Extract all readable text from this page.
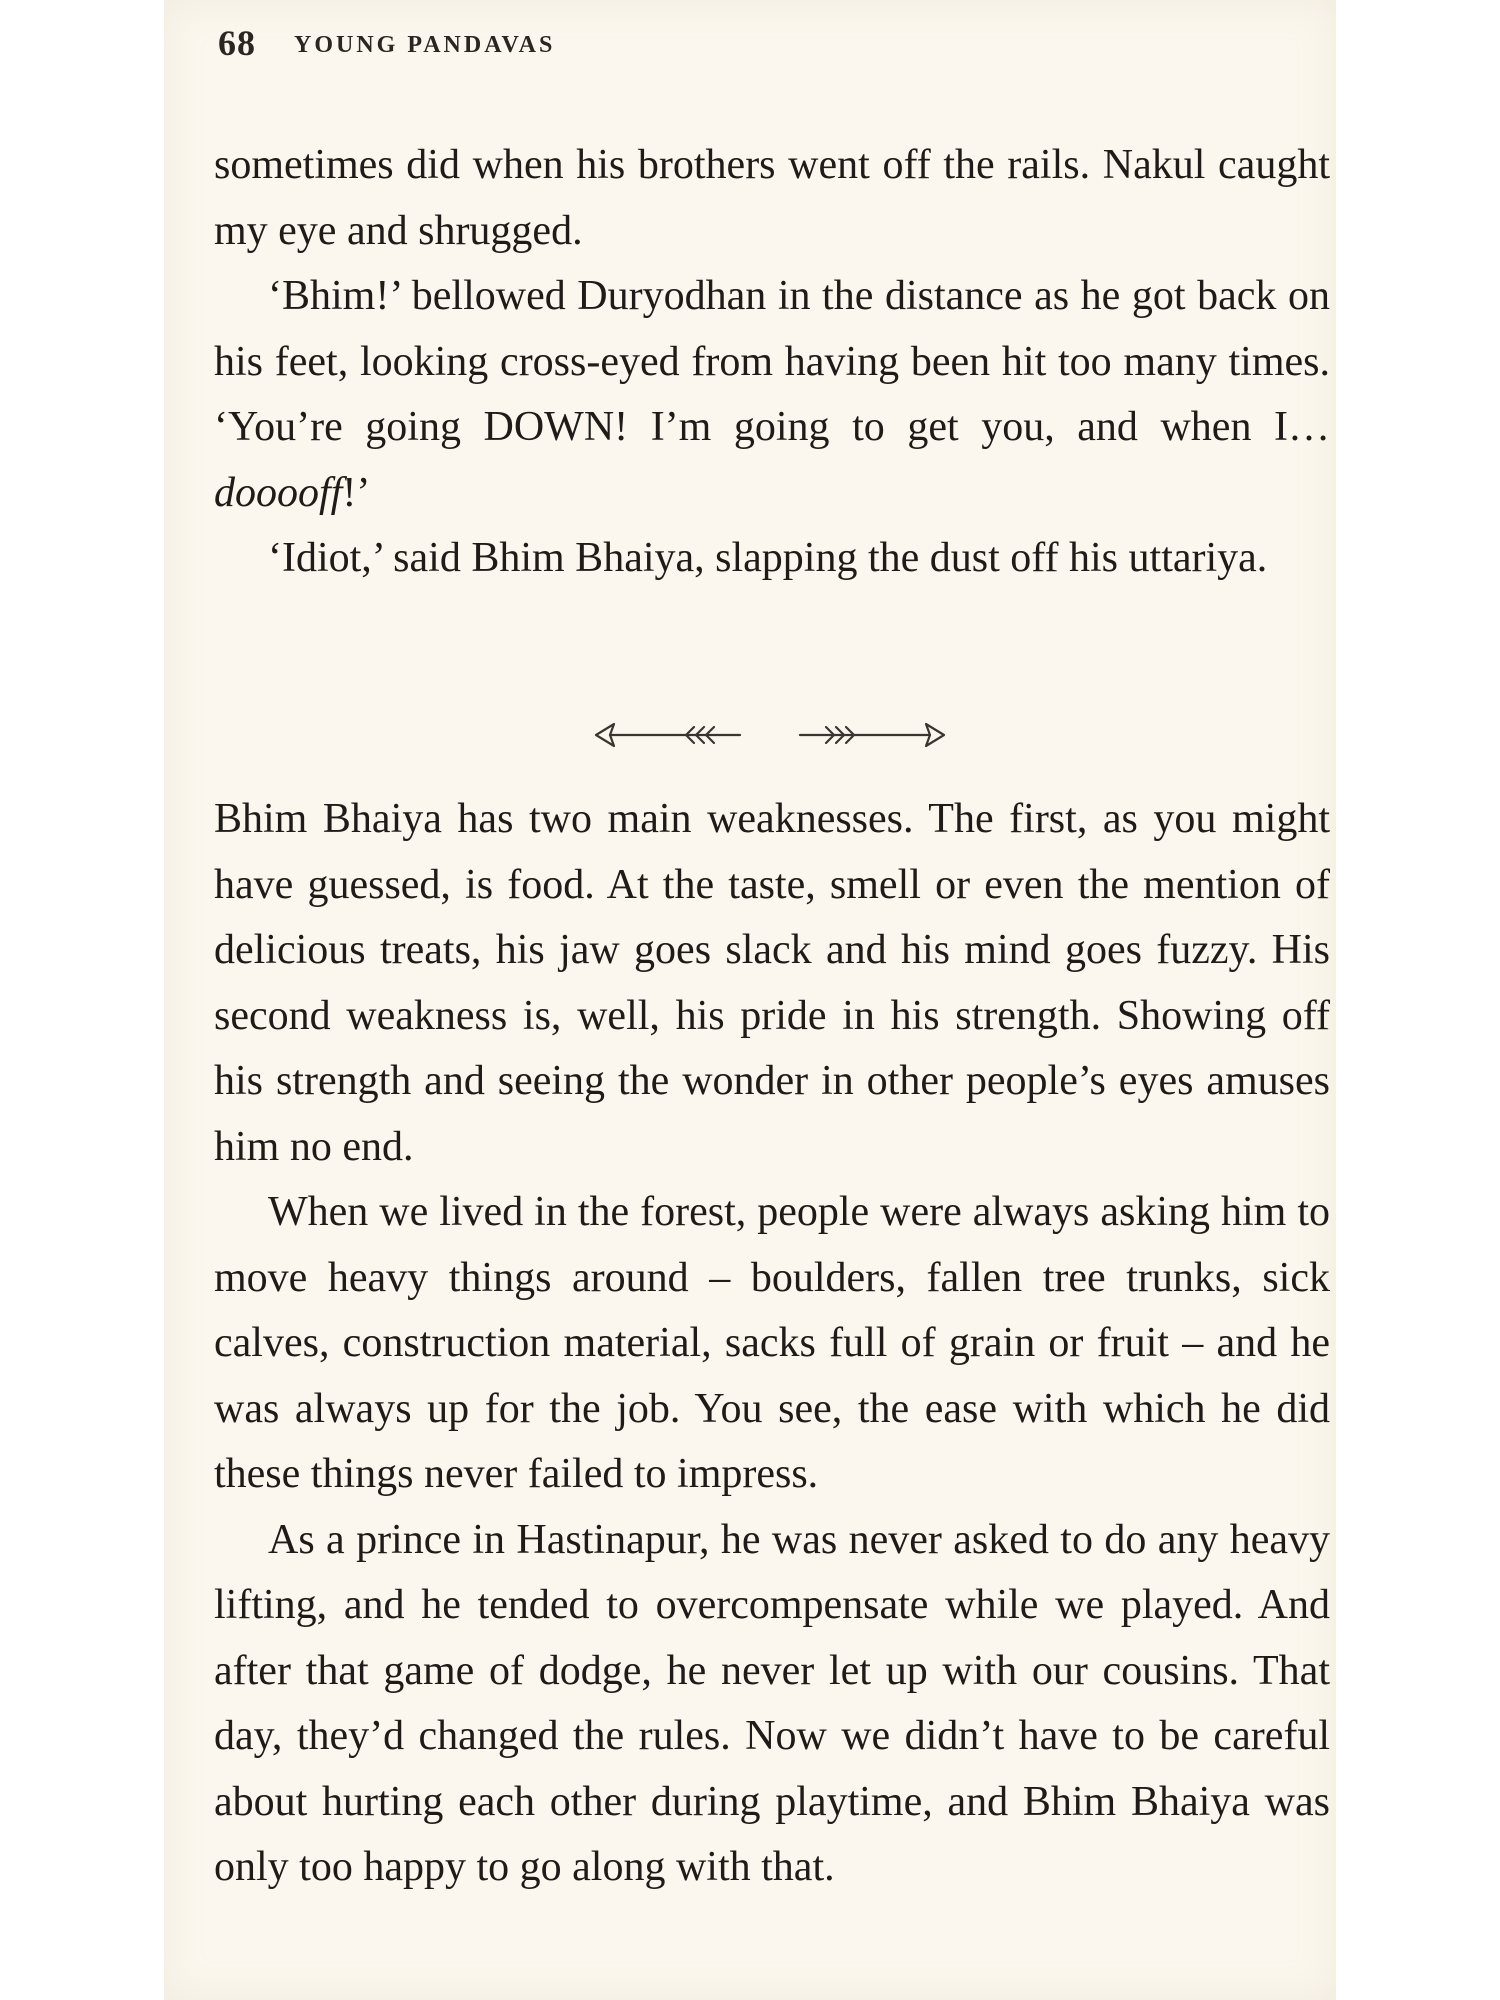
68 YOUNG PANDAVAS

sometimes did when his brothers went off the rails. Nakul caught my eye and shrugged.

‘Bhim!’ bellowed Duryodhan in the distance as he got back on his feet, looking cross-eyed from having been hit too many times. ‘You’re going DOWN! I’m going to get you, and when I… dooooff!’

‘Idiot,’ said Bhim Bhaiya, slapping the dust off his uttariya.

Bhim Bhaiya has two main weaknesses. The first, as you might have guessed, is food. At the taste, smell or even the mention of delicious treats, his jaw goes slack and his mind goes fuzzy. His second weakness is, well, his pride in his strength. Showing off his strength and seeing the wonder in other people’s eyes amuses him no end.

When we lived in the forest, people were always asking him to move heavy things around – boulders, fallen tree trunks, sick calves, construction material, sacks full of grain or fruit – and he was always up for the job. You see, the ease with which he did these things never failed to impress.

As a prince in Hastinapur, he was never asked to do any heavy lifting, and he tended to overcompensate while we played. And after that game of dodge, he never let up with our cousins. That day, they’d changed the rules. Now we didn’t have to be careful about hurting each other during playtime, and Bhim Bhaiya was only too happy to go along with that.
